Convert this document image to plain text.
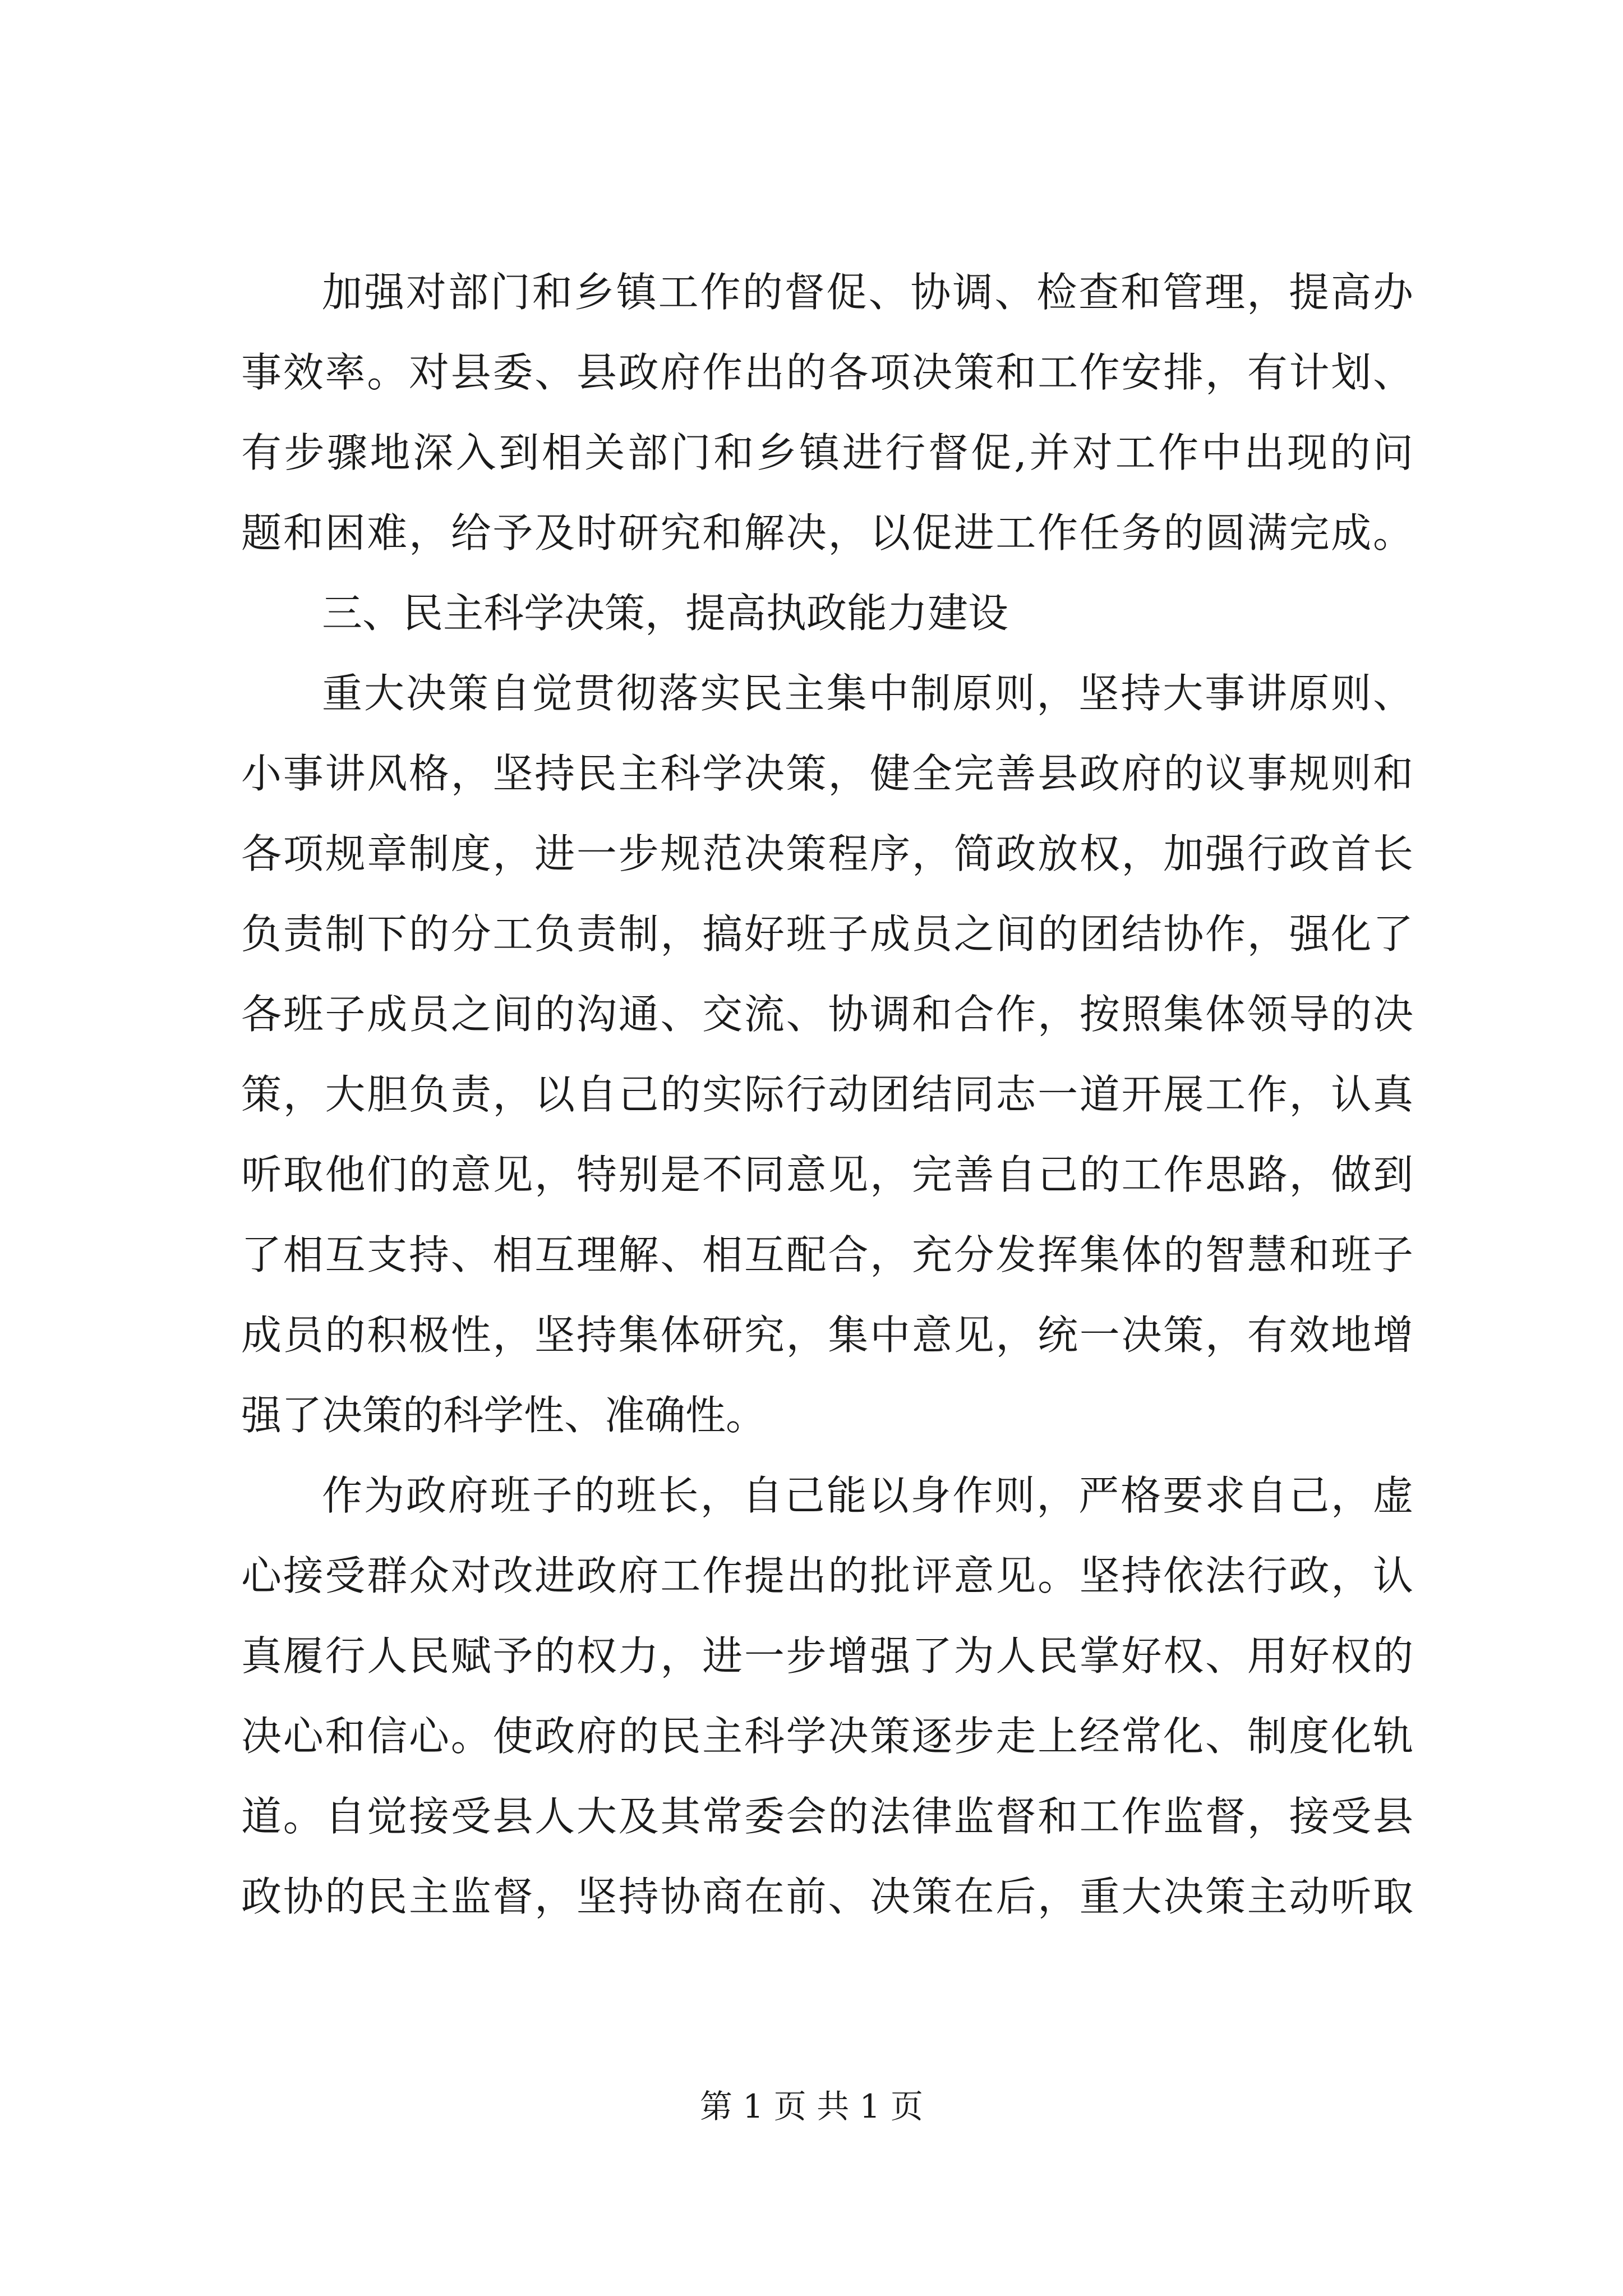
加强对部门和乡镇工作的督促、协调、检查和管理，提高办
事效率。对县委、县政府作出的各项决策和工作安排，有计划、
有步骤地深入到相关部门和乡镇进行督促,并对工作中出现的问
题和困难，给予及时研究和解决，以促进工作任务的圆满完成。
三、民主科学决策，提高执政能力建设
重大决策自觉贯彻落实民主集中制原则，坚持大事讲原则、
小事讲风格，坚持民主科学决策，健全完善县政府的议事规则和
各项规章制度，进一步规范决策程序，简政放权，加强行政首长
负责制下的分工负责制，搞好班子成员之间的团结协作，强化了
各班子成员之间的沟通、交流、协调和合作，按照集体领导的决
策，大胆负责，以自己的实际行动团结同志一道开展工作，认真
听取他们的意见，特别是不同意见，完善自己的工作思路，做到
了相互支持、相互理解、相互配合，充分发挥集体的智慧和班子
成员的积极性，坚持集体研究，集中意见，统一决策，有效地增
强了决策的科学性、准确性。
作为政府班子的班长，自己能以身作则，严格要求自己，虚
心接受群众对改进政府工作提出的批评意见。坚持依法行政，认
真履行人民赋予的权力，进一步增强了为人民掌好权、用好权的
决心和信心。使政府的民主科学决策逐步走上经常化、制度化轨
道。自觉接受县人大及其常委会的法律监督和工作监督，接受县
政协的民主监督，坚持协商在前、决策在后，重大决策主动听取
第 1 页 共 1 页
